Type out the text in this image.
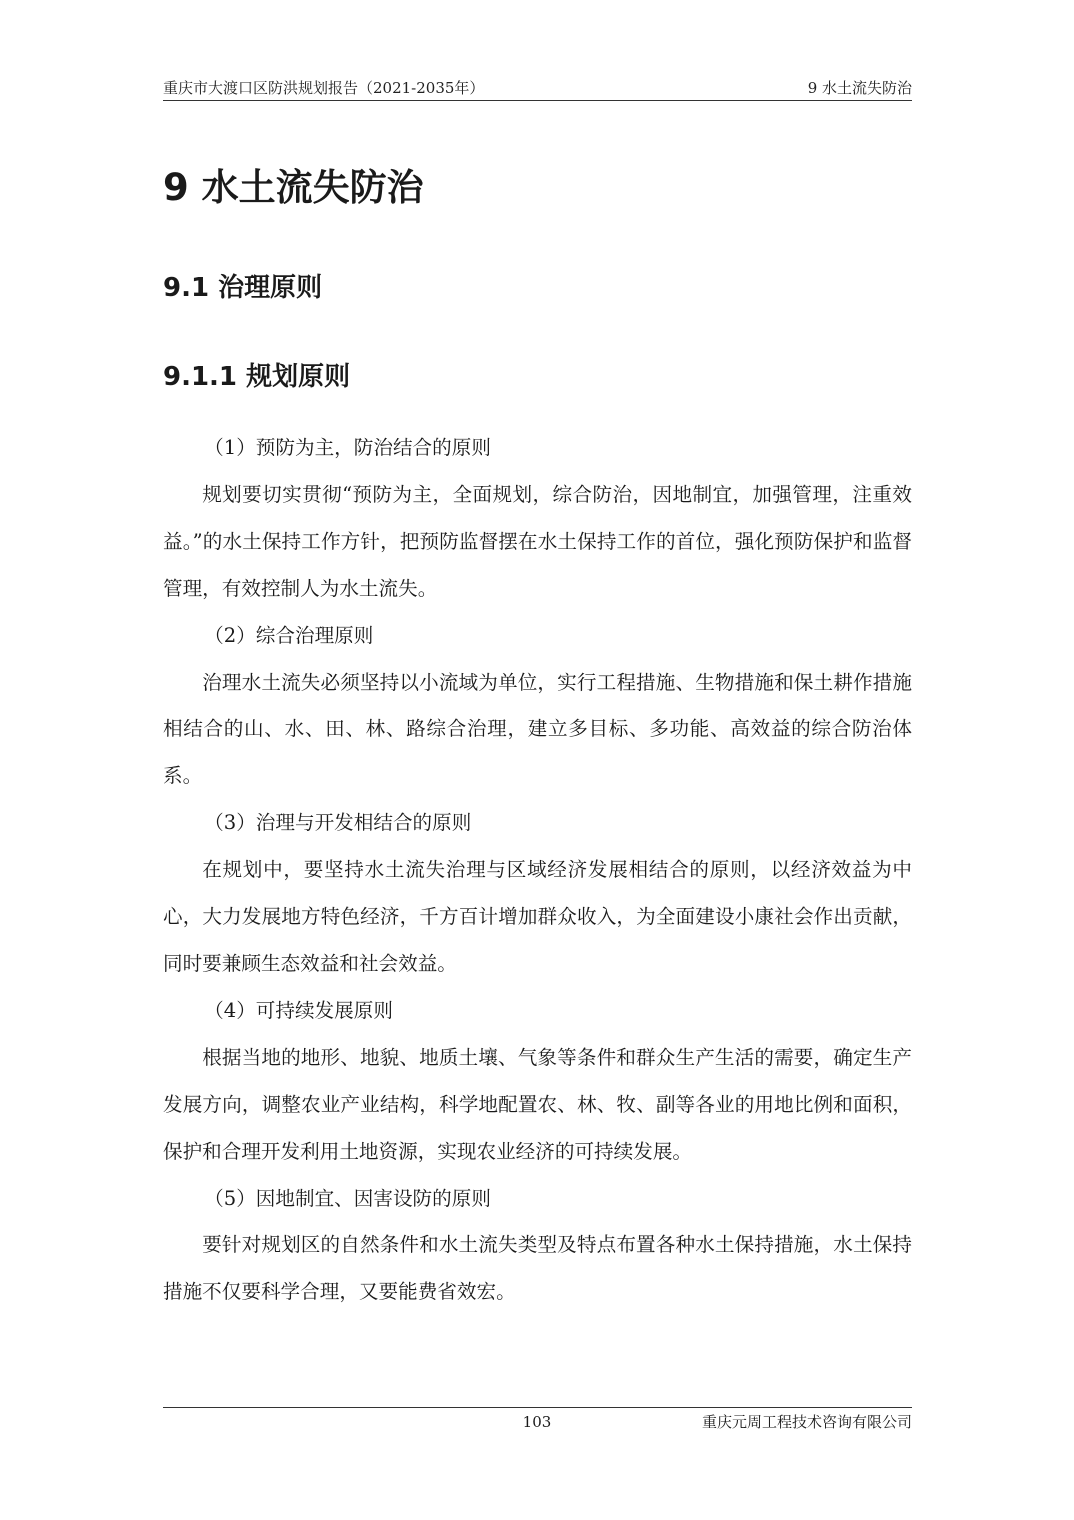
重庆市大渡口区防洪规划报告（2021-2035年）	9 水土流失防治
9 水土流失防治
9.1 治理原则
9.1.1 规划原则

（1）预防为主，防治结合的原则

规划要切实贯彻“预防为主，全面规划，综合防治，因地制宜，加强管理，注重效益。”的水土保持工作方针，把预防监督摆在水土保持工作的首位，强化预防保护和监督管理，有效控制人为水土流失。

（2）综合治理原则

治理水土流失必须坚持以小流域为单位，实行工程措施、生物措施和保土耕作措施相结合的山、水、田、林、路综合治理，建立多目标、多功能、高效益的综合防治体系。

（3）治理与开发相结合的原则

在规划中，要坚持水土流失治理与区域经济发展相结合的原则，以经济效益为中心，大力发展地方特色经济，千方百计增加群众收入，为全面建设小康社会作出贡献，同时要兼顾生态效益和社会效益。

（4）可持续发展原则

根据当地的地形、地貌、地质土壤、气象等条件和群众生产生活的需要，确定生产发展方向，调整农业产业结构，科学地配置农、林、牧、副等各业的用地比例和面积，保护和合理开发利用土地资源，实现农业经济的可持续发展。

（5）因地制宜、因害设防的原则

要针对规划区的自然条件和水土流失类型及特点布置各种水土保持措施，水土保持措施不仅要科学合理，又要能费省效宏。

103	重庆元周工程技术咨询有限公司
